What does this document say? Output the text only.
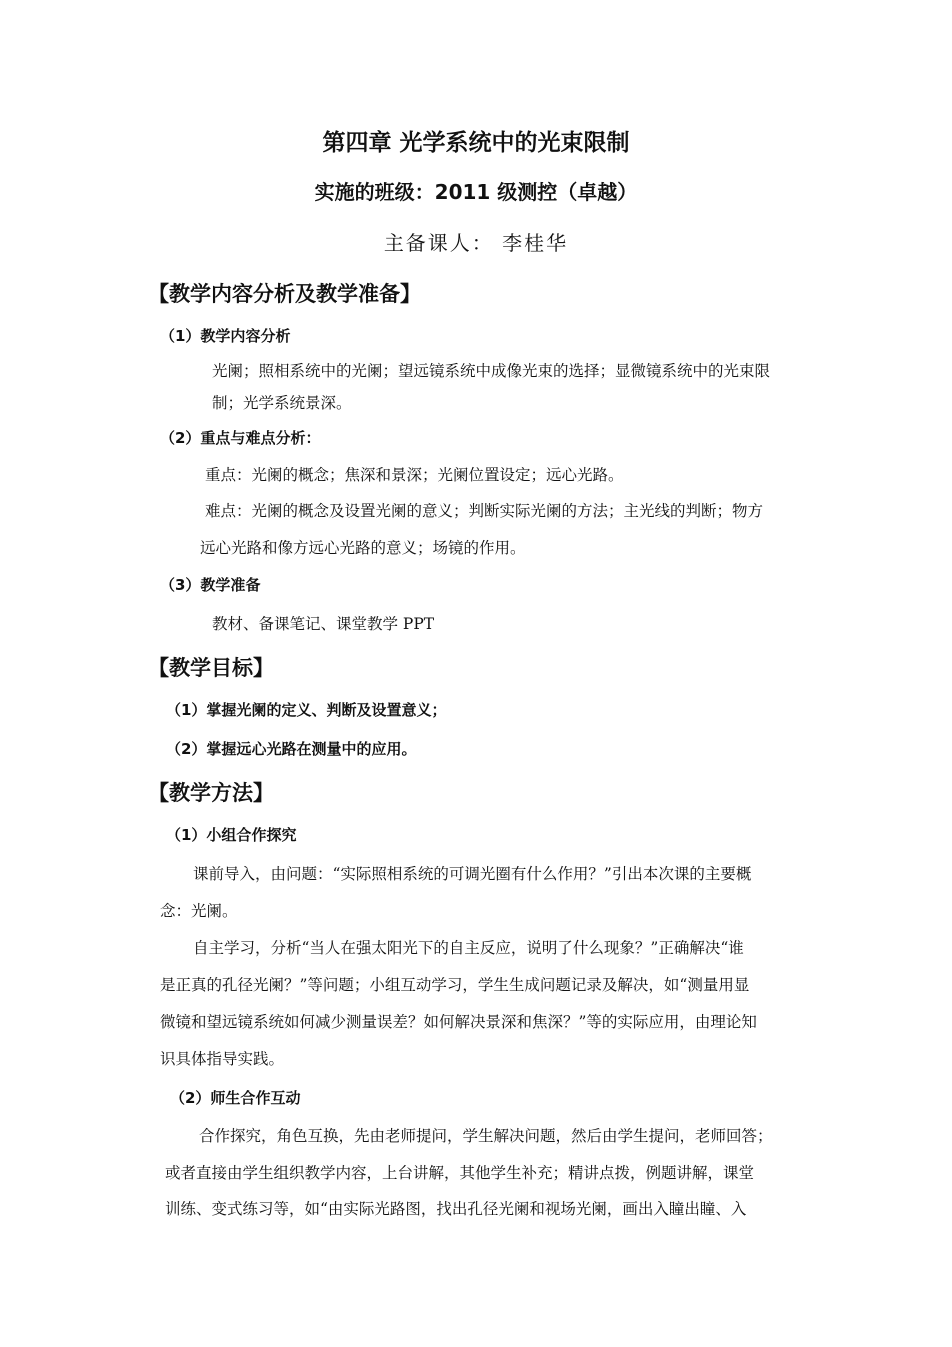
第四章 光学系统中的光束限制
实施的班级：2011 级测控（卓越）
主备课人： 李桂华
【教学内容分析及教学准备】
（1）教学内容分析
光阑；照相系统中的光阑；望远镜系统中成像光束的选择；显微镜系统中的光束限
制；光学系统景深。
（2）重点与难点分析：
重点：光阑的概念；焦深和景深；光阑位置设定；远心光路。
难点：光阑的概念及设置光阑的意义；判断实际光阑的方法；主光线的判断；物方
远心光路和像方远心光路的意义；场镜的作用。
（3）教学准备
教材、备课笔记、课堂教学 PPT
【教学目标】
（1）掌握光阑的定义、判断及设置意义；
（2）掌握远心光路在测量中的应用。
【教学方法】
（1）小组合作探究
课前导入，由问题：“实际照相系统的可调光圈有什么作用？”引出本次课的主要概
念：光阑。
自主学习，分析“当人在强太阳光下的自主反应，说明了什么现象？”正确解决“谁
是正真的孔径光阑？”等问题；小组互动学习，学生生成问题记录及解决，如“测量用显
微镜和望远镜系统如何减少测量误差？如何解决景深和焦深？”等的实际应用，由理论知
识具体指导实践。
（2）师生合作互动
合作探究，角色互换，先由老师提问，学生解决问题，然后由学生提问，老师回答；
或者直接由学生组织教学内容，上台讲解，其他学生补充；精讲点拨，例题讲解，课堂
训练、变式练习等，如“由实际光路图，找出孔径光阑和视场光阑，画出入瞳出瞳、入
